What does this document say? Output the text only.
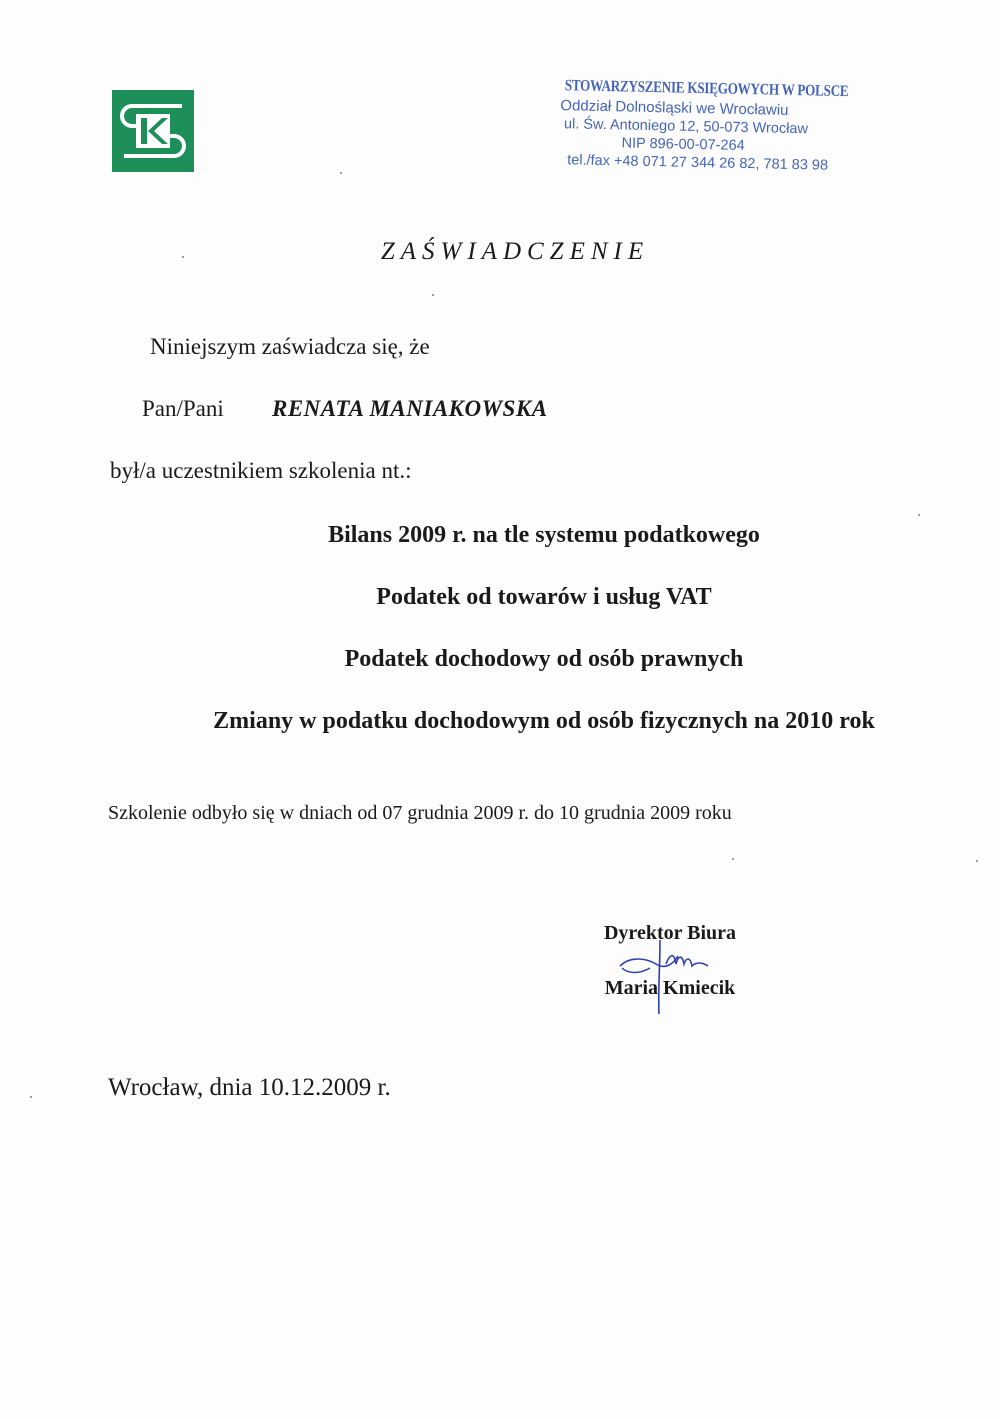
STOWARZYSZENIE KSIĘGOWYCH W POLSCE
Oddział Dolnośląski we Wrocławiu
ul. Św. Antoniego 12, 50-073 Wrocław
NIP 896-00-07-264
tel./fax +48 071 27 344 26 82, 781 83 98
ZAŚWIADCZENIE
Niniejszym zaświadcza się, że
Pan/Pani RENATA MANIAKOWSKA
był/a uczestnikiem szkolenia nt.:
Bilans 2009 r. na tle systemu podatkowego
Podatek od towarów i usług VAT
Podatek dochodowy od osób prawnych
Zmiany w podatku dochodowym od osób fizycznych na 2010 rok
Szkolenie odbyło się w dniach od 07 grudnia 2009 r. do 10 grudnia 2009 roku
Dyrektor Biura
Maria Kmiecik
Wrocław, dnia 10.12.2009 r.
